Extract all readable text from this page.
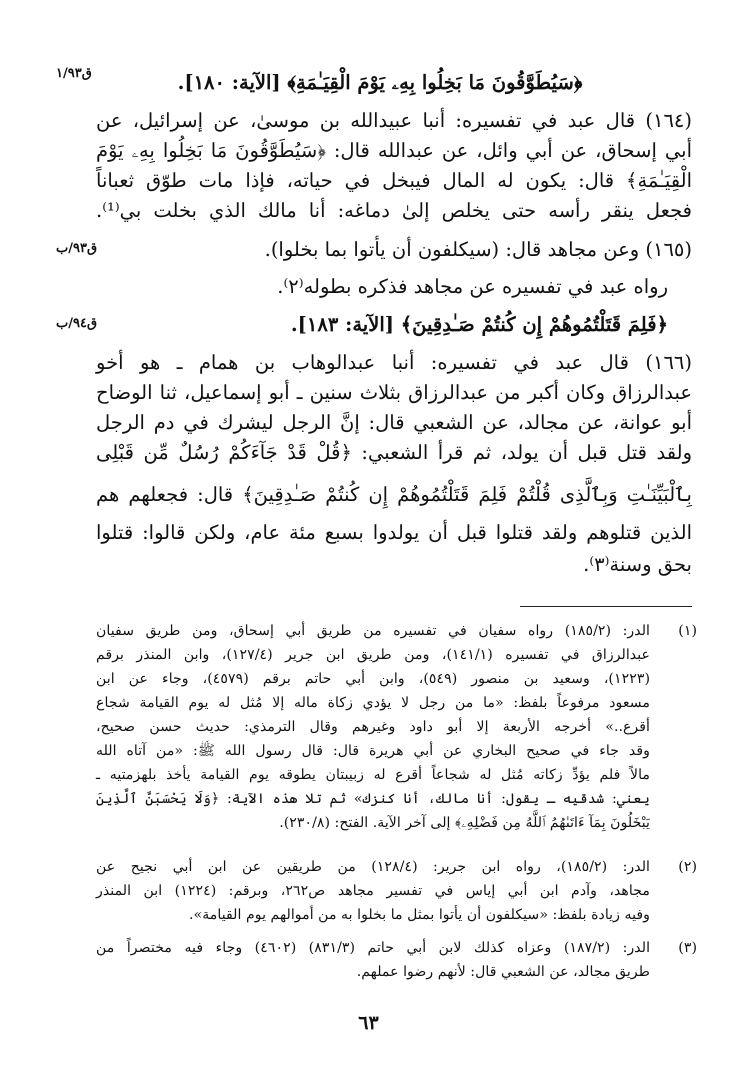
ق١/٩٣
ق٩٣/ب
ق٩٤/ب
﴿سَيُطَوَّقُونَ مَا بَخِلُوا بِهِۦ يَوْمَ الْقِيَـٰمَةِ﴾ [الآية: ١٨٠].
(١٦٤) قال عبد في تفسيره: أنبا عبيدالله بن موسىٰ، عن إسرائيل، عن
أبي إسحاق، عن أبي وائل، عن عبدالله قال: ﴿سَيُطَوَّقُونَ مَا بَخِلُوا بِهِۦ يَوْمَ
الْقِيَـٰمَةِ﴾ قال: يكون له المال فيبخل في حياته، فإذا مات طوّق ثعباناً
فجعل ينقر رأسه حتى يخلص إلىٰ دماغه: أنا مالك الذي بخلت بي⁽¹⁾.
(١٦٥) وعن مجاهد قال: (سيكلفون أن يأتوا بما بخلوا).
رواه عبد في تفسيره عن مجاهد فذكره بطوله⁽٢⁾.
﴿فَلِمَ قَتَلْتُمُوهُمْ إِن كُنتُمْ صَـٰدِقِينَ﴾ [الآية: ١٨٣].
(١٦٦) قال عبد في تفسيره: أنبا عبدالوهاب بن همام ـ هو أخو
عبدالرزاق وكان أكبر من عبدالرزاق بثلاث سنين ـ أبو إسماعيل، ثنا الوضاح
أبو عوانة، عن مجالد، عن الشعبي قال: إنَّ الرجل ليشرك في دم الرجل
ولقد قتل قبل أن يولد، ثم قرأ الشعبي: ﴿قُلْ قَدْ جَآءَكُمْ رُسُلٌ مِّن قَبْلِى
بِٱلْبَيِّنَـٰتِ وَبِٱلَّذِى قُلْتُمْ فَلِمَ قَتَلْتُمُوهُمْ إِن كُنتُمْ صَـٰدِقِينَ﴾ قال: فجعلهم هم
الذين قتلوهم ولقد قتلوا قبل أن يولدوا بسبع مئة عام، ولكن قالوا: قتلوا
بحق وسنة⁽٣⁾.
(١)
الدر: (١٨٥/٢) رواه سفيان في تفسيره من طريق أبي إسحاق، ومن طريق سفيان
عبدالرزاق في تفسيره (١٤١/١)، ومن طريق ابن جرير (١٢٧/٤)، وابن المنذر برقم
(١٢٢٣)، وسعيد بن منصور (٥٤٩)، وابن أبي حاتم برقم (٤٥٧٩)، وجاء عن ابن
مسعود مرفوعاً بلفظ: «ما من رجل لا يؤدي زكاة ماله إلا مُثل له يوم القيامة شجاع
أقرع..» أخرجه الأربعة إلا أبو داود وغيرهم وقال الترمذي: حديث حسن صحيح،
وقد جاء في صحيح البخاري عن أبي هريرة قال: قال رسول الله ﷺ: «من آتاه الله
مالاً فلم يؤدِّ زكاته مُثل له شجاعاً أقرع له زبيبتان يطوقه يوم القيامة يأخذ بلهزمتيه ـ
يعني: شدقيه ـ يقول: أنا مالك، أنا كنزك» ثم تلا هذه الآية: ﴿وَلَا يَحْسَبَنَّ ٱلَّذِينَ
يَبْخَلُونَ بِمَآ ءَاتَىٰهُمُ ٱللَّهُ مِن فَضْلِهِۦ﴾ إلى آخر الآية. الفتح: (٢٣٠/٨).
(٢)
الدر: (١٨٥/٢)، رواه ابن جرير: (١٢٨/٤) من طريقين عن ابن أبي نجيح عن
مجاهد، وآدم ابن أبي إياس في تفسير مجاهد ص٢٦٢، وبرقم: (١٢٢٤) ابن المنذر
وفيه زيادة بلفظ: «سيكلفون أن يأتوا بمثل ما بخلوا به من أموالهم يوم القيامة».
(٣)
الدر: (١٨٧/٢) وعزاه كذلك لابن أبي حاتم (٨٣١/٣) (٤٦٠٢) وجاء فيه مختصراً من
طريق مجالد، عن الشعبي قال: لأنهم رضوا عملهم.
٦٣
